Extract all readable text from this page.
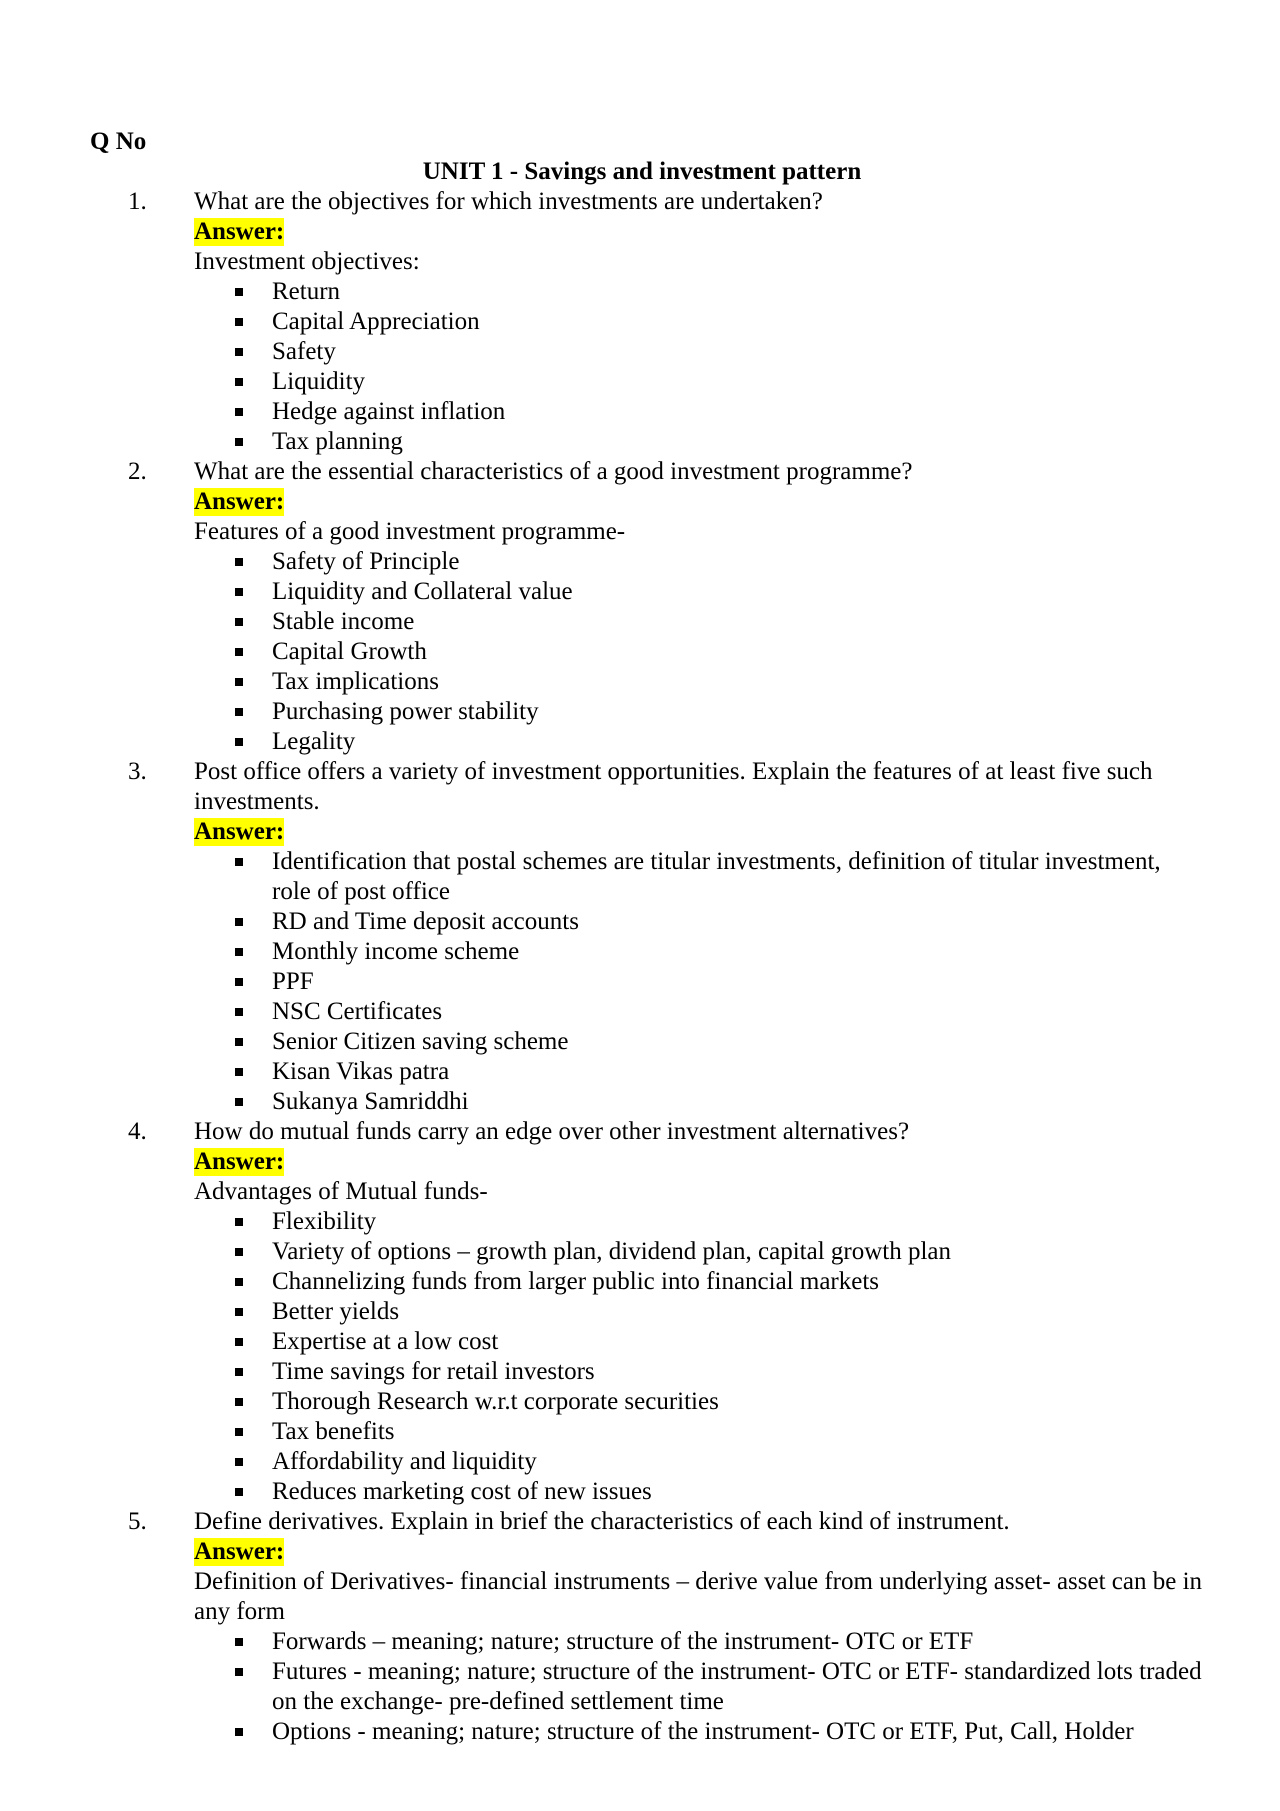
Q No
UNIT 1 - Savings and investment pattern
1.	What are the objectives for which investments are undertaken?
Answer:
Investment objectives:
Return
Capital Appreciation
Safety
Liquidity
Hedge against inflation
Tax planning
2.	What are the essential characteristics of a good investment programme?
Answer:
Features of a good investment programme-
Safety of Principle
Liquidity and Collateral value
Stable income
Capital Growth
Tax implications
Purchasing power stability
Legality
3.	Post office offers a variety of investment opportunities. Explain the features of at least five such investments.
Answer:
Identification that postal schemes are titular investments, definition of titular investment, role of post office
RD and Time deposit accounts
Monthly income scheme
PPF
NSC Certificates
Senior Citizen saving scheme
Kisan Vikas patra
Sukanya Samriddhi
4.	How do mutual funds carry an edge over other investment alternatives?
Answer:
Advantages of Mutual funds-
Flexibility
Variety of options – growth plan, dividend plan, capital growth plan
Channelizing funds from larger public into financial markets
Better yields
Expertise at a low cost
Time savings for retail investors
Thorough Research w.r.t corporate securities
Tax benefits
Affordability and liquidity
Reduces marketing cost of new issues
5.	Define derivatives. Explain in brief the characteristics of each kind of instrument.
Answer:
Definition of Derivatives- financial instruments – derive value from underlying asset- asset can be in any form
Forwards – meaning; nature; structure of the instrument- OTC or ETF
Futures - meaning; nature; structure of the instrument- OTC or ETF- standardized lots traded on the exchange- pre-defined settlement time
Options - meaning; nature; structure of the instrument- OTC or ETF, Put, Call, Holder
